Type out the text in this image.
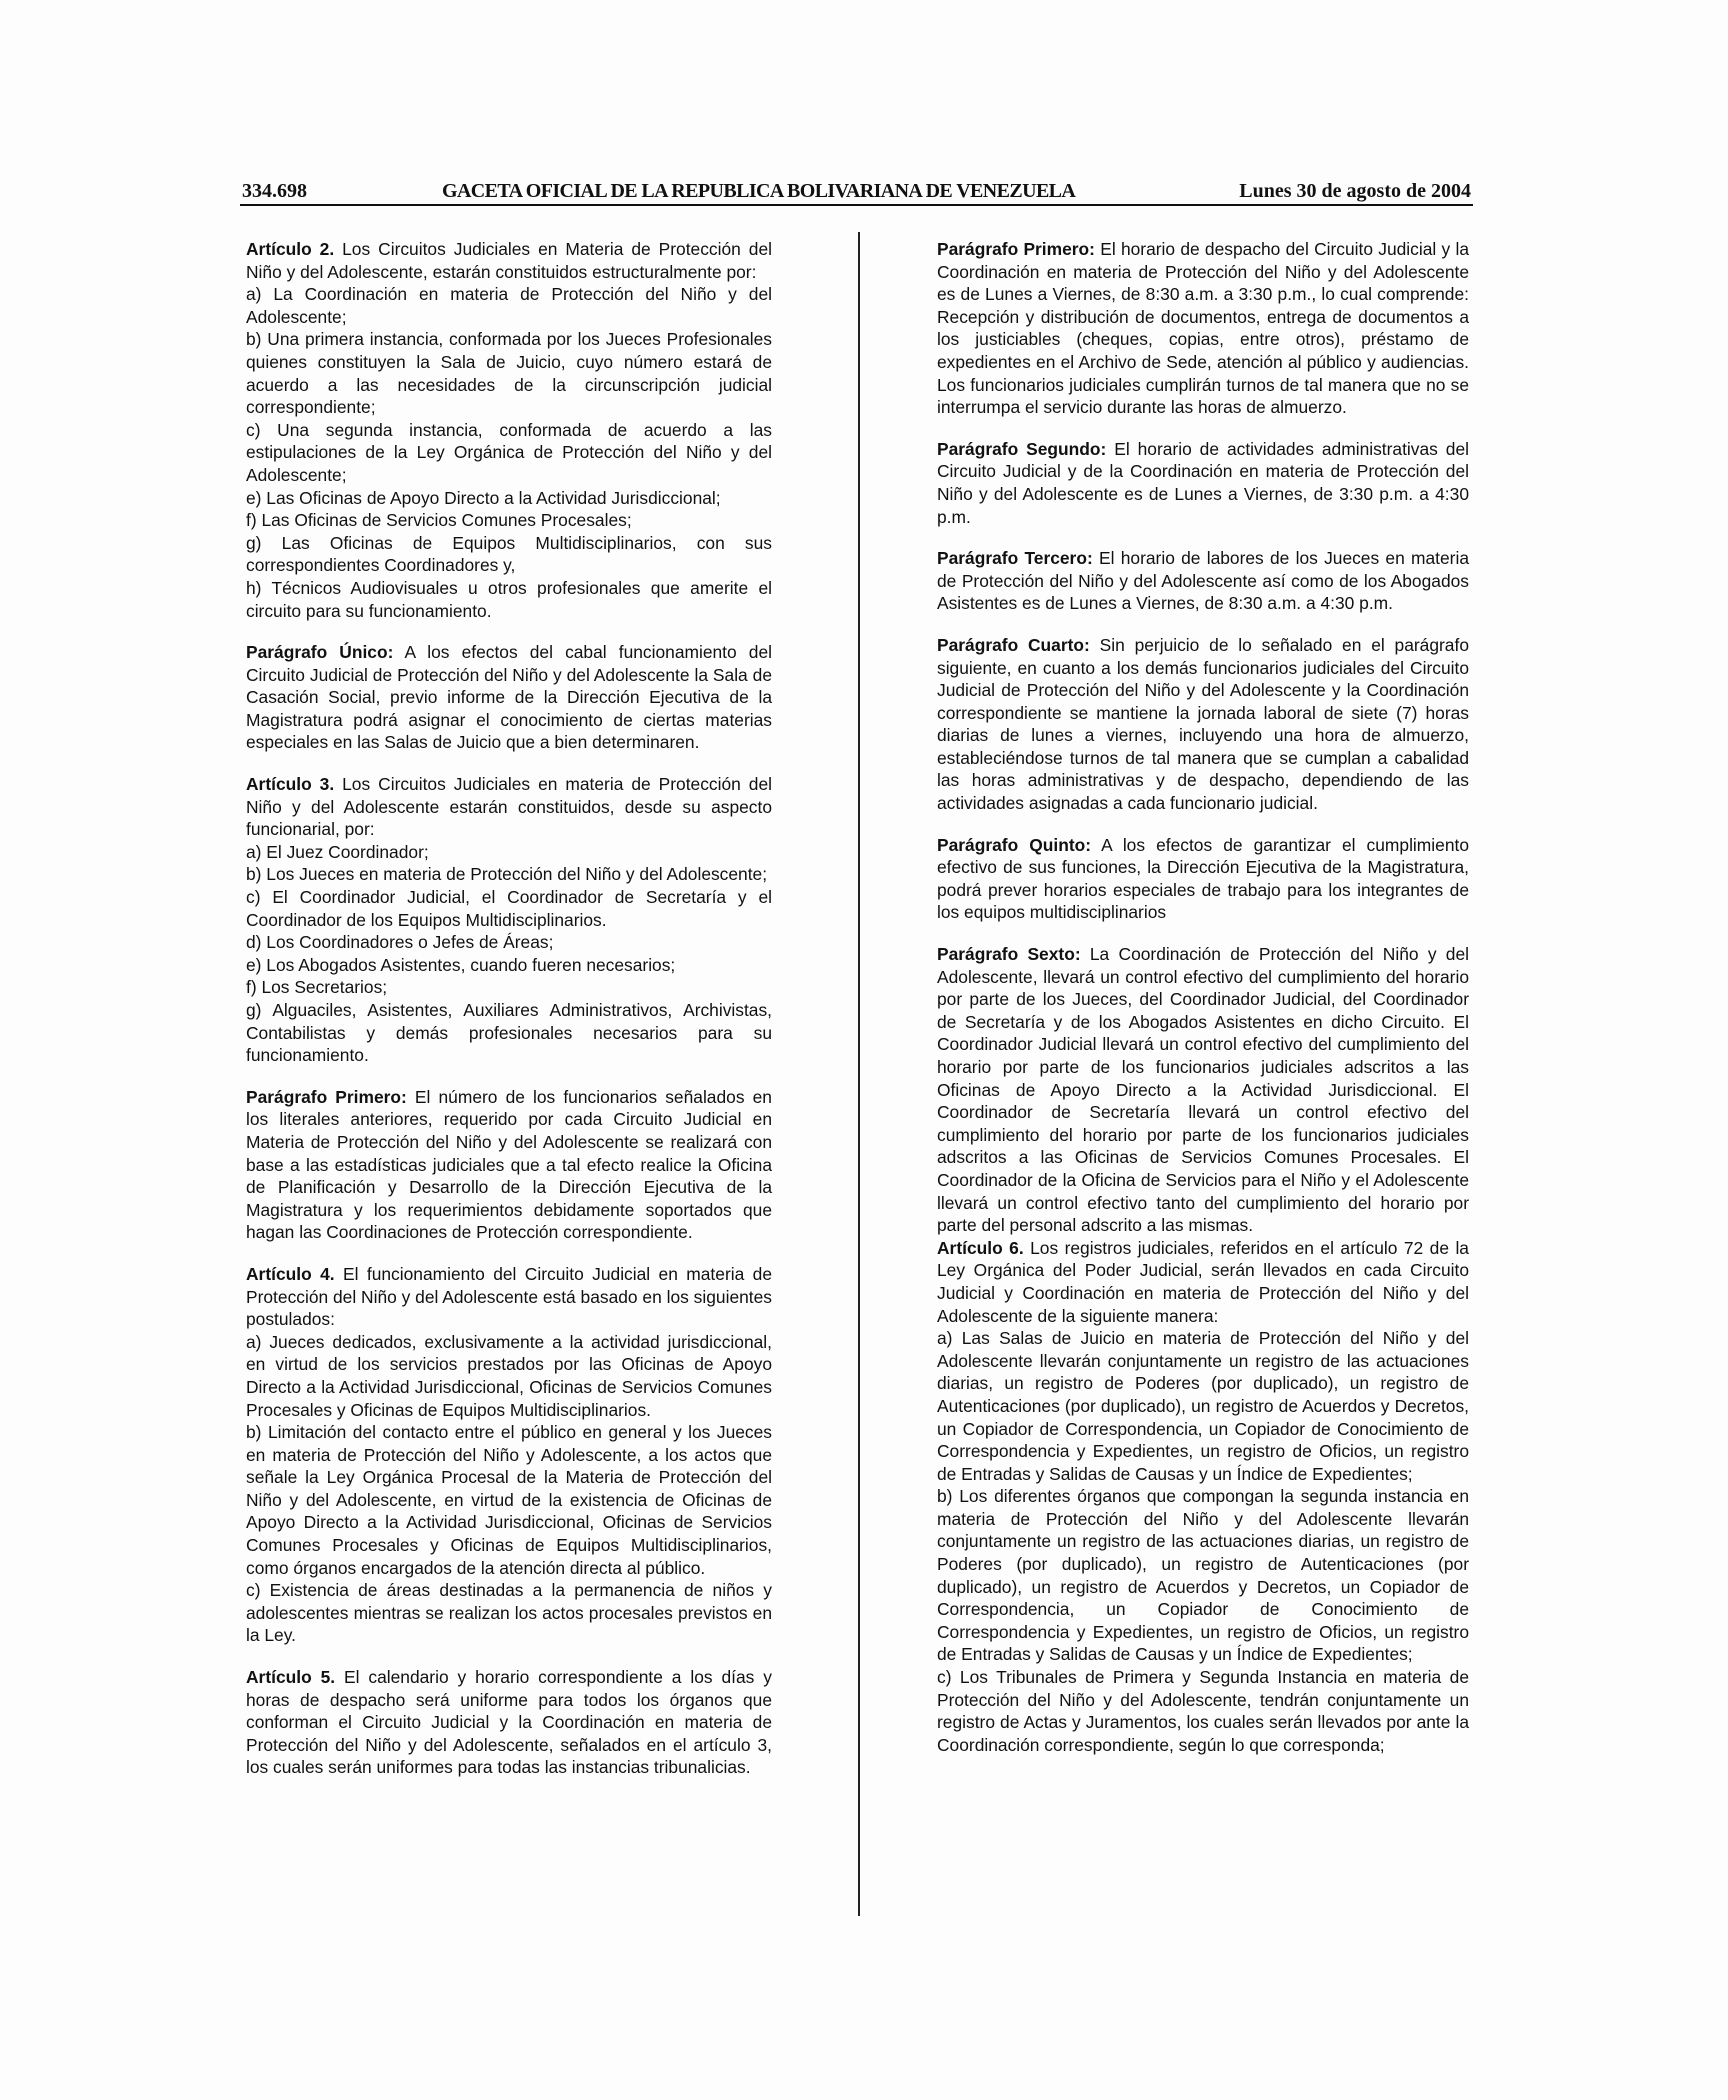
334.698	GACETA OFICIAL DE LA REPUBLICA BOLIVARIANA DE VENEZUELA	Lunes 30 de agosto de 2004

Artículo 2. Los Circuitos Judiciales en Materia de Protección del Niño y del Adolescente, estarán constituidos estructuralmente por:

a) La Coordinación en materia de Protección del Niño y del Adolescente;

b) Una primera instancia, conformada por los Jueces Profesionales quienes constituyen la Sala de Juicio, cuyo número estará de acuerdo a las necesidades de la circunscripción judicial correspondiente;

c) Una segunda instancia, conformada de acuerdo a las estipulaciones de la Ley Orgánica de Protección del Niño y del Adolescente;

e) Las Oficinas de Apoyo Directo a la Actividad Jurisdiccional;

f) Las Oficinas de Servicios Comunes Procesales;

g) Las Oficinas de Equipos Multidisciplinarios, con sus correspondientes Coordinadores y,

h) Técnicos Audiovisuales u otros profesionales que amerite el circuito para su funcionamiento.

Parágrafo Único: A los efectos del cabal funcionamiento del Circuito Judicial de Protección del Niño y del Adolescente la Sala de Casación Social, previo informe de la Dirección Ejecutiva de la Magistratura podrá asignar el conocimiento de ciertas materias especiales en las Salas de Juicio que a bien determinaren.

Artículo 3. Los Circuitos Judiciales en materia de Protección del Niño y del Adolescente estarán constituidos, desde su aspecto funcionarial, por:

a) El Juez Coordinador;

b) Los Jueces en materia de Protección del Niño y del Adolescente;

c) El Coordinador Judicial, el Coordinador de Secretaría y el Coordinador de los Equipos Multidisciplinarios.

d) Los Coordinadores o Jefes de Áreas;

e) Los Abogados Asistentes, cuando fueren necesarios;

f) Los Secretarios;

g) Alguaciles, Asistentes, Auxiliares Administrativos, Archivistas, Contabilistas y demás profesionales necesarios para su funcionamiento.

Parágrafo Primero: El número de los funcionarios señalados en los literales anteriores, requerido por cada Circuito Judicial en Materia de Protección del Niño y del Adolescente se realizará con base a las estadísticas judiciales que a tal efecto realice la Oficina de Planificación y Desarrollo de la Dirección Ejecutiva de la Magistratura y los requerimientos debidamente soportados que hagan las Coordinaciones de Protección correspondiente.

Artículo 4. El funcionamiento del Circuito Judicial en materia de Protección del Niño y del Adolescente está basado en los siguientes postulados:

a) Jueces dedicados, exclusivamente a la actividad jurisdiccional, en virtud de los servicios prestados por las Oficinas de Apoyo Directo a la Actividad Jurisdiccional, Oficinas de Servicios Comunes Procesales y Oficinas de Equipos Multidisciplinarios.

b) Limitación del contacto entre el público en general y los Jueces en materia de Protección del Niño y Adolescente, a los actos que señale la Ley Orgánica Procesal de la Materia de Protección del Niño y del Adolescente, en virtud de la existencia de Oficinas de Apoyo Directo a la Actividad Jurisdiccional, Oficinas de Servicios Comunes Procesales y Oficinas de Equipos Multidisciplinarios, como órganos encargados de la atención directa al público.

c) Existencia de áreas destinadas a la permanencia de niños y adolescentes mientras se realizan los actos procesales previstos en la Ley.

Artículo 5. El calendario y horario correspondiente a los días y horas de despacho será uniforme para todos los órganos que conforman el Circuito Judicial y la Coordinación en materia de Protección del Niño y del Adolescente, señalados en el artículo 3, los cuales serán uniformes para todas las instancias tribunalicias.

Parágrafo Primero: El horario de despacho del Circuito Judicial y la Coordinación en materia de Protección del Niño y del Adolescente es de Lunes a Viernes, de 8:30 a.m. a 3:30 p.m., lo cual comprende: Recepción y distribución de documentos, entrega de documentos a los justiciables (cheques, copias, entre otros), préstamo de expedientes en el Archivo de Sede, atención al público y audiencias. Los funcionarios judiciales cumplirán turnos de tal manera que no se interrumpa el servicio durante las horas de almuerzo.

Parágrafo Segundo: El horario de actividades administrativas del Circuito Judicial y de la Coordinación en materia de Protección del Niño y del Adolescente es de Lunes a Viernes, de 3:30 p.m. a 4:30 p.m.

Parágrafo Tercero: El horario de labores de los Jueces en materia de Protección del Niño y del Adolescente así como de los Abogados Asistentes es de Lunes a Viernes, de 8:30 a.m. a 4:30 p.m.

Parágrafo Cuarto: Sin perjuicio de lo señalado en el parágrafo siguiente, en cuanto a los demás funcionarios judiciales del Circuito Judicial de Protección del Niño y del Adolescente y la Coordinación correspondiente se mantiene la jornada laboral de siete (7) horas diarias de lunes a viernes, incluyendo una hora de almuerzo, estableciéndose turnos de tal manera que se cumplan a cabalidad las horas administrativas y de despacho, dependiendo de las actividades asignadas a cada funcionario judicial.

Parágrafo Quinto: A los efectos de garantizar el cumplimiento efectivo de sus funciones, la Dirección Ejecutiva de la Magistratura, podrá prever horarios especiales de trabajo para los integrantes de los equipos multidisciplinarios

Parágrafo Sexto: La Coordinación de Protección del Niño y del Adolescente, llevará un control efectivo del cumplimiento del horario por parte de los Jueces, del Coordinador Judicial, del Coordinador de Secretaría y de los Abogados Asistentes en dicho Circuito. El Coordinador Judicial llevará un control efectivo del cumplimiento del horario por parte de los funcionarios judiciales adscritos a las Oficinas de Apoyo Directo a la Actividad Jurisdiccional. El Coordinador de Secretaría llevará un control efectivo del cumplimiento del horario por parte de los funcionarios judiciales adscritos a las Oficinas de Servicios Comunes Procesales. El Coordinador de la Oficina de Servicios para el Niño y el Adolescente llevará un control efectivo tanto del cumplimiento del horario por parte del personal adscrito a las mismas.

Artículo 6. Los registros judiciales, referidos en el artículo 72 de la Ley Orgánica del Poder Judicial, serán llevados en cada Circuito Judicial y Coordinación en materia de Protección del Niño y del Adolescente de la siguiente manera:

a) Las Salas de Juicio en materia de Protección del Niño y del Adolescente llevarán conjuntamente un registro de las actuaciones diarias, un registro de Poderes (por duplicado), un registro de Autenticaciones (por duplicado), un registro de Acuerdos y Decretos, un Copiador de Correspondencia, un Copiador de Conocimiento de Correspondencia y Expedientes, un registro de Oficios, un registro de Entradas y Salidas de Causas y un Índice de Expedientes;

b) Los diferentes órganos que compongan la segunda instancia en materia de Protección del Niño y del Adolescente llevarán conjuntamente un registro de las actuaciones diarias, un registro de Poderes (por duplicado), un registro de Autenticaciones (por duplicado), un registro de Acuerdos y Decretos, un Copiador de Correspondencia, un Copiador de Conocimiento de Correspondencia y Expedientes, un registro de Oficios, un registro de Entradas y Salidas de Causas y un Índice de Expedientes;

c) Los Tribunales de Primera y Segunda Instancia en materia de Protección del Niño y del Adolescente, tendrán conjuntamente un registro de Actas y Juramentos, los cuales serán llevados por ante la Coordinación correspondiente, según lo que corresponda;
